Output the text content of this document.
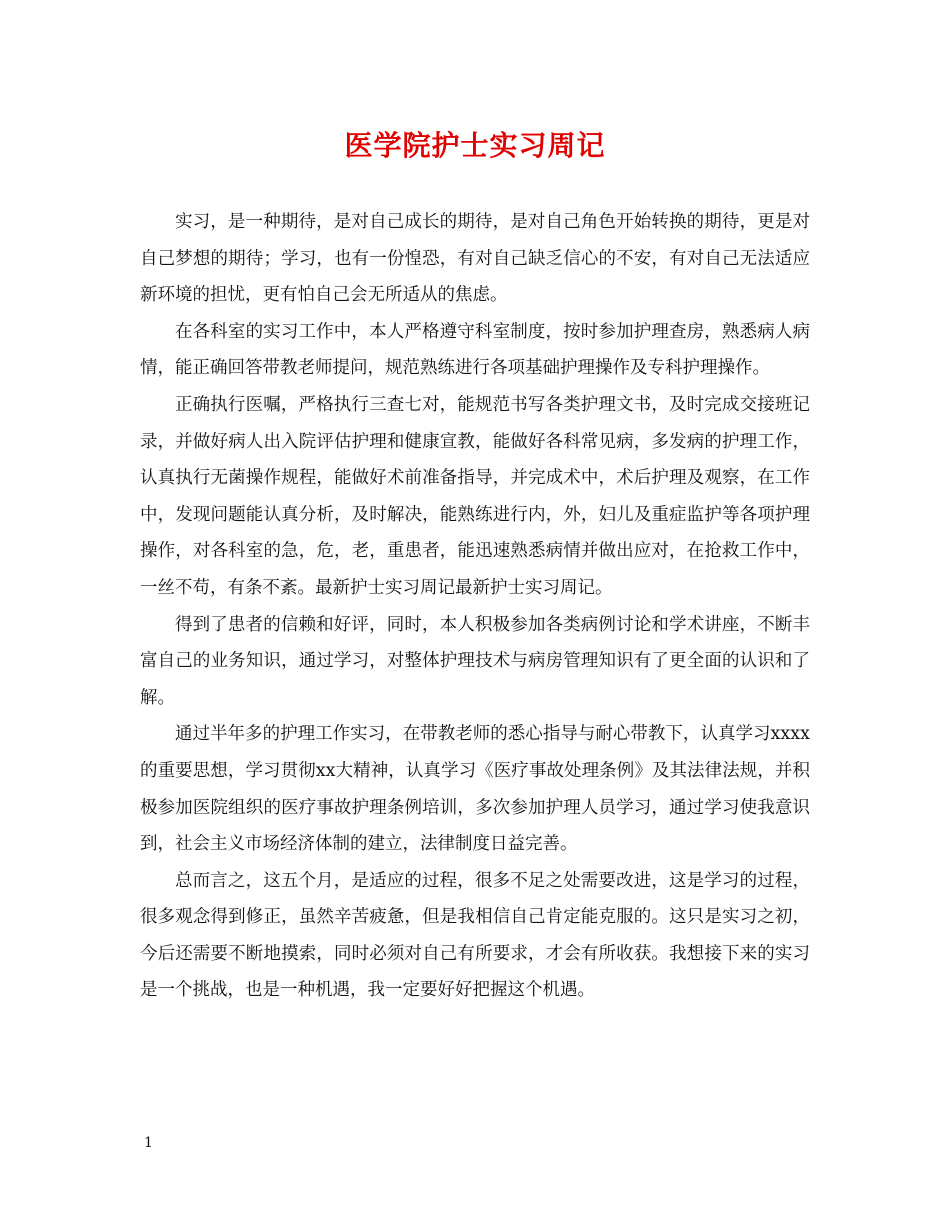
医学院护士实习周记

实习，是一种期待，是对自己成长的期待，是对自己角色开始转换的期待，更是对自己梦想的期待；学习，也有一份惶恐，有对自己缺乏信心的不安，有对自己无法适应新环境的担忧，更有怕自己会无所适从的焦虑。

在各科室的实习工作中，本人严格遵守科室制度，按时参加护理查房，熟悉病人病情，能正确回答带教老师提问，规范熟练进行各项基础护理操作及专科护理操作。

正确执行医嘱，严格执行三查七对，能规范书写各类护理文书，及时完成交接班记录，并做好病人出入院评估护理和健康宣教，能做好各科常见病，多发病的护理工作，认真执行无菌操作规程，能做好术前准备指导，并完成术中，术后护理及观察，在工作中，发现问题能认真分析，及时解决，能熟练进行内，外，妇儿及重症监护等各项护理操作，对各科室的急，危，老，重患者，能迅速熟悉病情并做出应对，在抢救工作中，一丝不苟，有条不紊。最新护士实习周记最新护士实习周记。

得到了患者的信赖和好评，同时，本人积极参加各类病例讨论和学术讲座，不断丰富自己的业务知识，通过学习，对整体护理技术与病房管理知识有了更全面的认识和了解。

通过半年多的护理工作实习，在带教老师的悉心指导与耐心带教下，认真学习xxxx 的重要思想，学习贯彻xx大精神，认真学习《医疗事故处理条例》及其法律法规，并积极参加医院组织的医疗事故护理条例培训，多次参加护理人员学习，通过学习使我意识到，社会主义市场经济体制的建立，法律制度日益完善。

总而言之，这五个月，是适应的过程，很多不足之处需要改进，这是学习的过程，很多观念得到修正，虽然辛苦疲惫，但是我相信自己肯定能克服的。这只是实习之初，今后还需要不断地摸索，同时必须对自己有所要求，才会有所收获。我想接下来的实习是一个挑战，也是一种机遇，我一定要好好把握这个机遇。

1
